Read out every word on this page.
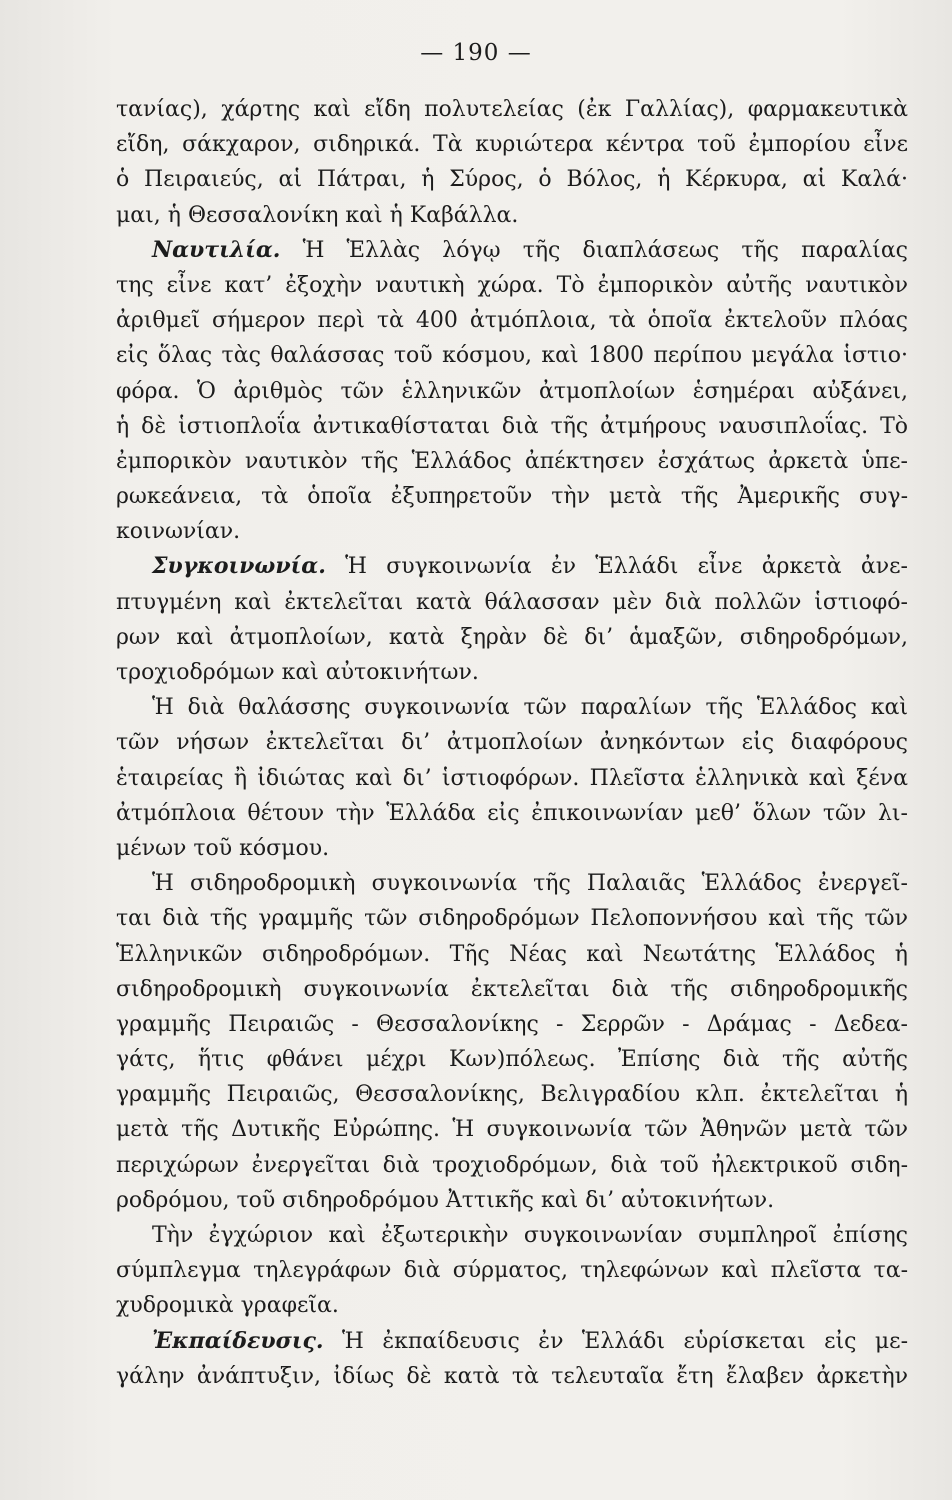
— 190 —
τανίας), χάρτης καὶ εἴδη πολυτελείας (ἐκ Γαλλίας), φαρμακευτικὰ
εἴδη, σάκχαρον, σιδηρικά. Τὰ κυριώτερα κέντρα τοῦ ἐμπορίου εἶνε
ὁ Πειραιεύς, αἱ Πάτραι, ἡ Σύρος, ὁ Βόλος, ἡ Κέρκυρα, αἱ Καλά·
μαι, ἡ Θεσσαλονίκη καὶ ἡ Καβάλλα.
Ναυτιλία. Ἡ Ἑλλὰς λόγῳ τῆς διαπλάσεως τῆς παραλίας
της εἶνε κατ’ ἐξοχὴν ναυτικὴ χώρα. Τὸ ἐμπορικὸν αὐτῆς ναυτικὸν
ἀριθμεῖ σήμερον περὶ τὰ 400 ἀτμόπλοια, τὰ ὁποῖα ἐκτελοῦν πλόας
εἰς ὅλας τὰς θαλάσσας τοῦ κόσμου, καὶ 1800 περίπου μεγάλα ἱστιο·
φόρα. Ὁ ἀριθμὸς τῶν ἑλληνικῶν ἀτμοπλοίων ἑσημέραι αὐξάνει,
ἡ δὲ ἱστιοπλοΐα ἀντικαθίσταται διὰ τῆς ἀτμήρους ναυσιπλοΐας. Τὸ
ἐμπορικὸν ναυτικὸν τῆς Ἑλλάδος ἀπέκτησεν ἐσχάτως ἀρκετὰ ὑπε-
ρωκεάνεια, τὰ ὁποῖα ἐξυπηρετοῦν τὴν μετὰ τῆς Ἀμερικῆς συγ-
κοινωνίαν.
Συγκοινωνία. Ἡ συγκοινωνία ἐν Ἑλλάδι εἶνε ἀρκετὰ ἀνε-
πτυγμένη καὶ ἐκτελεῖται κατὰ θάλασσαν μὲν διὰ πολλῶν ἱστιοφό-
ρων καὶ ἀτμοπλοίων, κατὰ ξηρὰν δὲ δι’ ἁμαξῶν, σιδηροδρόμων,
τροχιοδρόμων καὶ αὐτοκινήτων.
Ἡ διὰ θαλάσσης συγκοινωνία τῶν παραλίων τῆς Ἑλλάδος καὶ
τῶν νήσων ἐκτελεῖται δι’ ἀτμοπλοίων ἀνηκόντων εἰς διαφόρους
ἑταιρείας ἢ ἰδιώτας καὶ δι’ ἱστιοφόρων. Πλεῖστα ἑλληνικὰ καὶ ξένα
ἀτμόπλοια θέτουν τὴν Ἑλλάδα εἰς ἐπικοινωνίαν μεθ’ ὅλων τῶν λι-
μένων τοῦ κόσμου.
Ἡ σιδηροδρομικὴ συγκοινωνία τῆς Παλαιᾶς Ἑλλάδος ἐνεργεῖ-
ται διὰ τῆς γραμμῆς τῶν σιδηροδρόμων Πελοποννήσου καὶ τῆς τῶν
Ἑλληνικῶν σιδηροδρόμων. Τῆς Νέας καὶ Νεωτάτης Ἑλλάδος ἡ
σιδηροδρομικὴ συγκοινωνία ἐκτελεῖται διὰ τῆς σιδηροδρομικῆς
γραμμῆς Πειραιῶς - Θεσσαλονίκης - Σερρῶν - Δράμας - Δεδεα-
γάτς, ἥτις φθάνει μέχρι Κων)πόλεως. Ἐπίσης διὰ τῆς αὐτῆς
γραμμῆς Πειραιῶς, Θεσσαλονίκης, Βελιγραδίου κλπ. ἐκτελεῖται ἡ
μετὰ τῆς Δυτικῆς Εὐρώπης. Ἡ συγκοινωνία τῶν Ἀθηνῶν μετὰ τῶν
περιχώρων ἐνεργεῖται διὰ τροχιοδρόμων, διὰ τοῦ ἠλεκτρικοῦ σιδη-
ροδρόμου, τοῦ σιδηροδρόμου Ἀττικῆς καὶ δι’ αὐτοκινήτων.
Τὴν ἐγχώριον καὶ ἐξωτερικὴν συγκοινωνίαν συμπληροῖ ἐπίσης
σύμπλεγμα τηλεγράφων διὰ σύρματος, τηλεφώνων καὶ πλεῖστα τα-
χυδρομικὰ γραφεῖα.
Ἐκπαίδευσις. Ἡ ἐκπαίδευσις ἐν Ἑλλάδι εὑρίσκεται εἰς με-
γάλην ἀνάπτυξιν, ἰδίως δὲ κατὰ τὰ τελευταῖα ἔτη ἔλαβεν ἀρκετὴν
